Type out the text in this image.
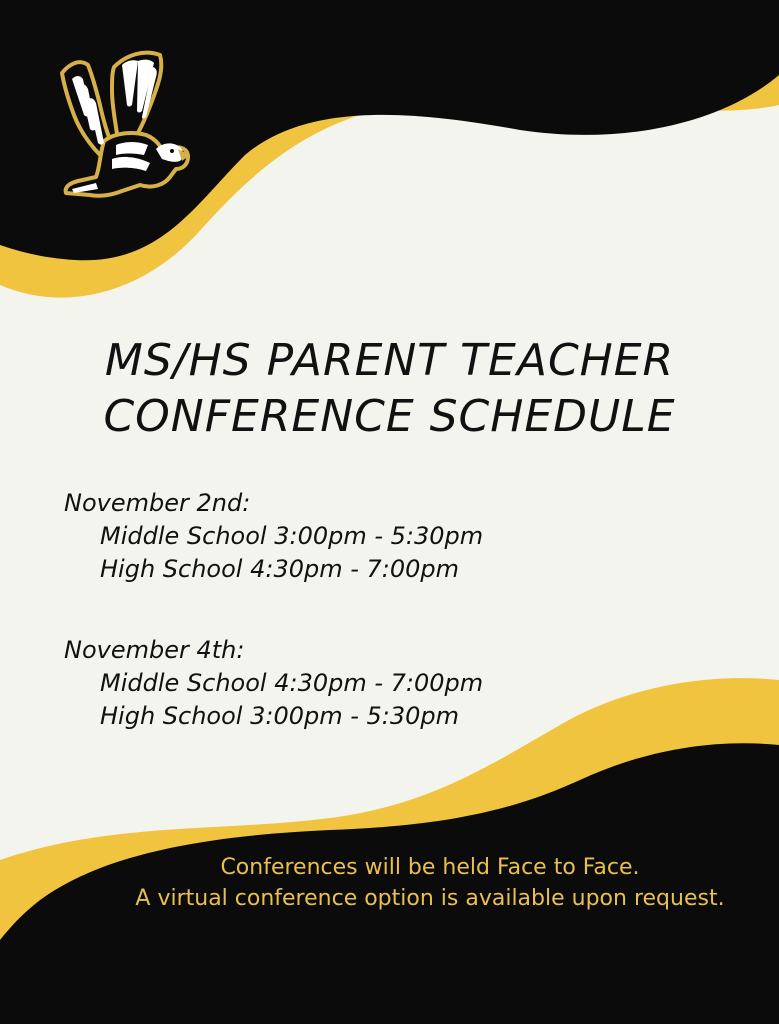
MS/HS PARENT TEACHER
CONFERENCE SCHEDULE
November 2nd:
Middle School 3:00pm - 5:30pm
High School 4:30pm - 7:00pm
November 4th:
Middle School 4:30pm - 7:00pm
High School 3:00pm - 5:30pm
Conferences will be held Face to Face.
A virtual conference option is available upon request.
